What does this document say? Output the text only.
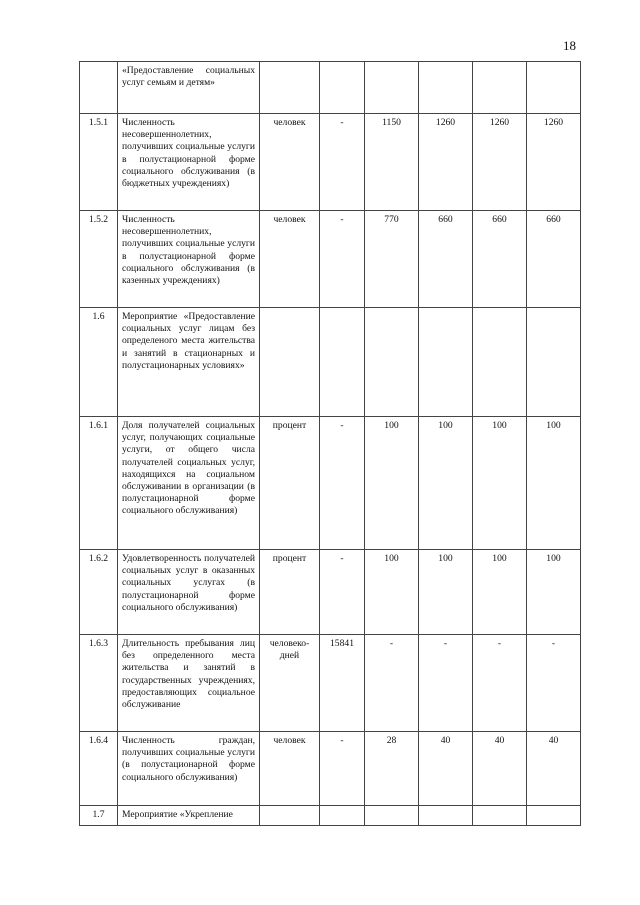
18
	«Предоставление социальных услуг семьям и детям»						
1.5.1	Численность несовершеннолетних, получивших социальные услуги в полустационарной форме социального обслуживания (в бюджетных учреждениях)	человек	-	1150	1260	1260	1260
1.5.2	Численность несовершеннолетних, получивших социальные услуги в полустационарной форме социального обслуживания (в казенных учреждениях)	человек	-	770	660	660	660
1.6	Мероприятие «Предоставление социальных услуг лицам без определеного места жительства и занятий в стационарных и полустационарных условиях»						
1.6.1	Доля получателей социальных услуг, получающих социальные услуги, от общего числа получателей социальных услуг, находящихся на социальном обслуживании в организации (в полустационарной форме социального обслуживания)	процент	-	100	100	100	100
1.6.2	Удовлетворенность получателей социальных услуг в оказанных социальных услугах (в полустационарной форме социального обслуживания)	процент	-	100	100	100	100
1.6.3	Длительность пребывания лиц без определенного места жительства и занятий в государственных учреждениях, предоставляющих социальное обслуживание	человеко-дней	15841	-	-	-	-
1.6.4	Численность граждан, получивших социальные услуги (в полустационарной форме социального обслуживания)	человек	-	28	40	40	40
1.7	Мероприятие «Укрепление						
